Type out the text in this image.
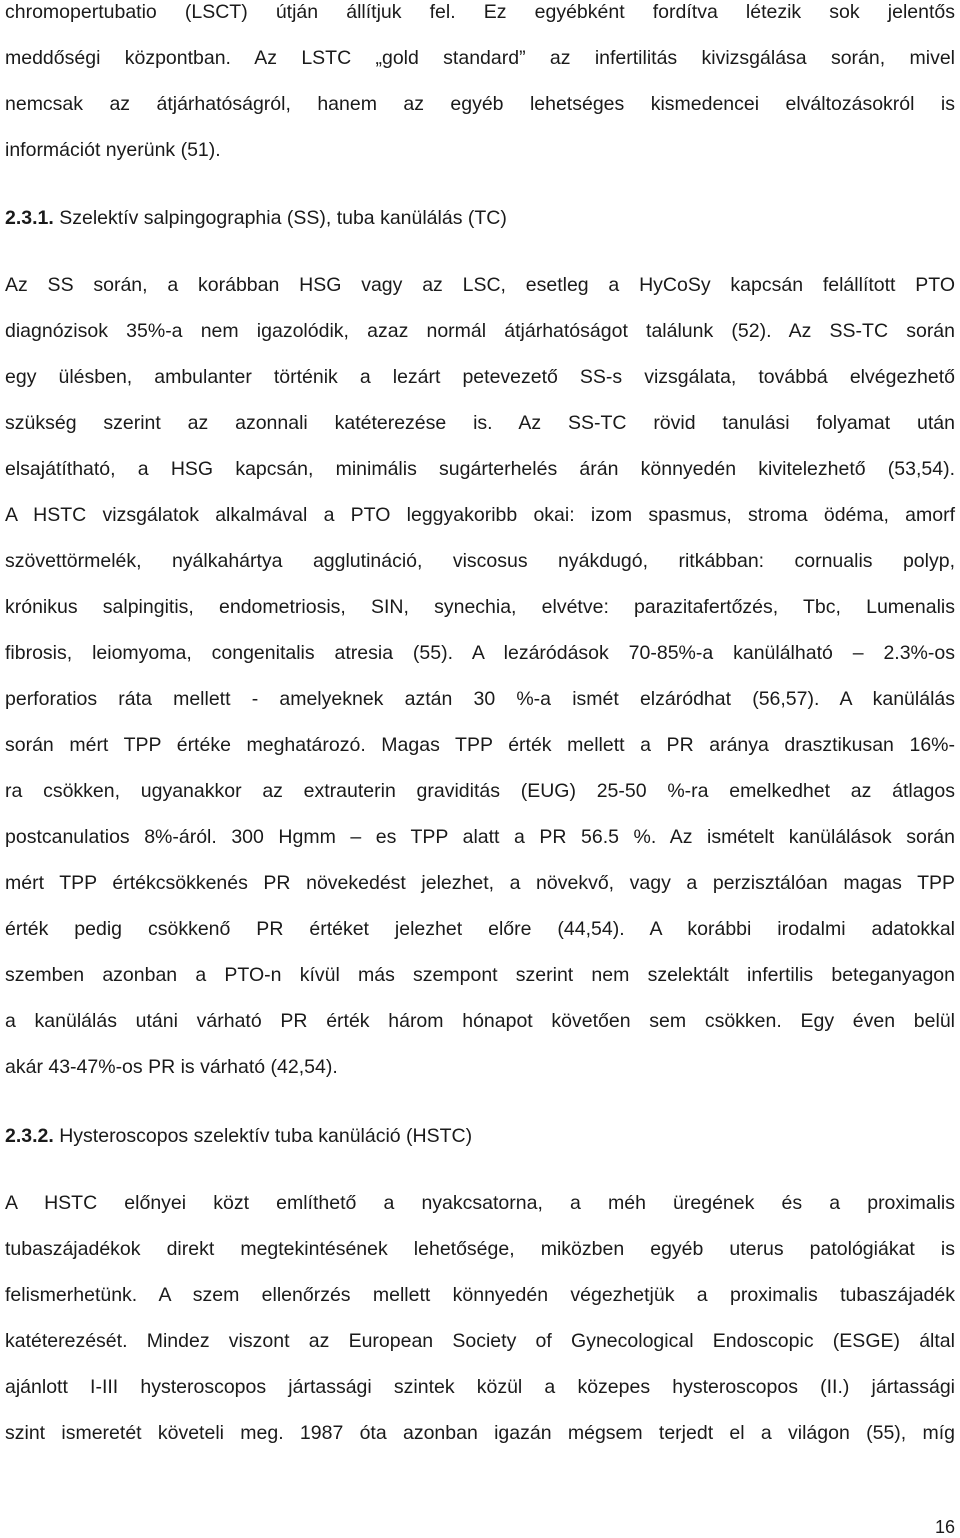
chromopertubatio (LSCT) útján állítjuk fel. Ez egyébként fordítva létezik sok jelentős
meddőségi központban. Az LSTC „gold standard” az infertilitás kivizsgálása során, mivel
nemcsak az átjárhatóságról, hanem az egyéb lehetséges kismedencei elváltozásokról is
információt nyerünk (51).
2.3.1. Szelektív salpingographia (SS), tuba kanülálás (TC)
Az SS során, a korábban HSG vagy az LSC, esetleg a HyCoSy kapcsán felállított PTO
diagnózisok 35%-a nem igazolódik, azaz normál átjárhatóságot találunk (52). Az SS-TC során
egy ülésben, ambulanter történik a lezárt petevezető SS-s vizsgálata, továbbá elvégezhető
szükség szerint az azonnali katéterezése is. Az SS-TC rövid tanulási folyamat után
elsajátítható, a HSG kapcsán, minimális sugárterhelés árán könnyedén kivitelezhető (53,54).
A HSTC vizsgálatok alkalmával a PTO leggyakoribb okai: izom spasmus, stroma ödéma, amorf
szövettörmelék, nyálkahártya agglutináció, viscosus nyákdugó, ritkábban: cornualis polyp,
krónikus salpingitis, endometriosis, SIN, synechia, elvétve: parazitafertőzés, Tbc, Lumenalis
fibrosis, leiomyoma, congenitalis atresia (55). A lezáródások 70-85%-a kanülálható – 2.3%-os
perforatios ráta mellett - amelyeknek aztán 30 %-a ismét elzáródhat (56,57). A kanülálás
során mért TPP értéke meghatározó. Magas TPP érték mellett a PR aránya drasztikusan 16%-
ra csökken, ugyanakkor az extrauterin graviditás (EUG) 25-50 %-ra emelkedhet az átlagos
postcanulatios 8%-áról. 300 Hgmm – es TPP alatt a PR 56.5 %. Az ismételt kanülálások során
mért TPP értékcsökkenés PR növekedést jelezhet, a növekvő, vagy a perzisztálóan magas TPP
érték pedig csökkenő PR értéket jelezhet előre (44,54). A korábbi irodalmi adatokkal
szemben azonban a PTO-n kívül más szempont szerint nem szelektált infertilis beteganyagon
a kanülálás utáni várható PR érték három hónapot követően sem csökken. Egy éven belül
akár 43-47%-os PR is várható (42,54).
2.3.2. Hysteroscopos szelektív tuba kanüláció (HSTC)
A HSTC előnyei közt említhető a nyakcsatorna, a méh üregének és a proximalis
tubaszájadékok direkt megtekintésének lehetősége, miközben egyéb uterus patológiákat is
felismerhetünk. A szem ellenőrzés mellett könnyedén végezhetjük a proximalis tubaszájadék
katéterezését. Mindez viszont az European Society of Gynecological Endoscopic (ESGE) által
ajánlott I-III hysteroscopos jártassági szintek közül a közepes hysteroscopos (II.) jártassági
szint ismeretét követeli meg. 1987 óta azonban igazán mégsem terjedt el a világon (55), míg
16
